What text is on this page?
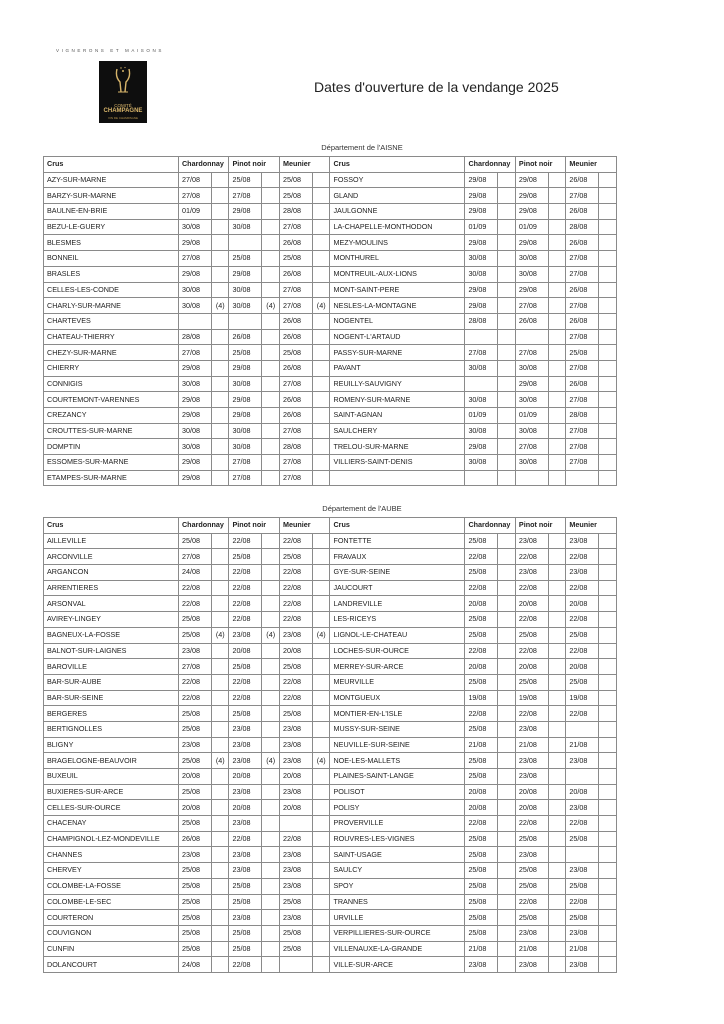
VIGNERONS ET MAISONS
COMITÉ
CHAMPAGNE
VIN DE CHAMPAGNE
Dates d'ouverture de la vendange 2025
Département de l'AISNE
Crus	Chardonnay		Pinot noir		Meunier		Crus	Chardonnay		Pinot noir		Meunier	
AZY-SUR-MARNE	27/08		25/08		25/08		FOSSOY	29/08		29/08		26/08	
BARZY-SUR-MARNE	27/08		27/08		25/08		GLAND	29/08		29/08		27/08	
BAULNE-EN-BRIE	01/09		29/08		28/08		JAULGONNE	29/08		29/08		26/08	
BEZU-LE-GUERY	30/08		30/08		27/08		LA-CHAPELLE-MONTHODON	01/09		01/09		28/08	
BLESMES	29/08				26/08		MEZY-MOULINS	29/08		29/08		26/08	
BONNEIL	27/08		25/08		25/08		MONTHUREL	30/08		30/08		27/08	
BRASLES	29/08		29/08		26/08		MONTREUIL-AUX-LIONS	30/08		30/08		27/08	
CELLES-LES-CONDE	30/08		30/08		27/08		MONT-SAINT-PERE	29/08		29/08		26/08	
CHARLY-SUR-MARNE	30/08	(4)	30/08	(4)	27/08	(4)	NESLES-LA-MONTAGNE	29/08		27/08		27/08	
CHARTEVES					26/08		NOGENTEL	28/08		26/08		26/08	
CHATEAU-THIERRY	28/08		26/08		26/08		NOGENT-L'ARTAUD					27/08	
CHEZY-SUR-MARNE	27/08		25/08		25/08		PASSY-SUR-MARNE	27/08		27/08		25/08	
CHIERRY	29/08		29/08		26/08		PAVANT	30/08		30/08		27/08	
CONNIGIS	30/08		30/08		27/08		REUILLY-SAUVIGNY			29/08		26/08	
COURTEMONT-VARENNES	29/08		29/08		26/08		ROMENY-SUR-MARNE	30/08		30/08		27/08	
CREZANCY	29/08		29/08		26/08		SAINT-AGNAN	01/09		01/09		28/08	
CROUTTES-SUR-MARNE	30/08		30/08		27/08		SAULCHERY	30/08		30/08		27/08	
DOMPTIN	30/08		30/08		28/08		TRELOU-SUR-MARNE	29/08		27/08		27/08	
ESSOMES-SUR-MARNE	29/08		27/08		27/08		VILLIERS-SAINT-DENIS	30/08		30/08		27/08	
ETAMPES-SUR-MARNE	29/08		27/08		27/08								
Département de l'AUBE
Crus	Chardonnay		Pinot noir		Meunier		Crus	Chardonnay		Pinot noir		Meunier	
AILLEVILLE	25/08		22/08		22/08		FONTETTE	25/08		23/08		23/08	
ARCONVILLE	27/08		25/08		25/08		FRAVAUX	22/08		22/08		22/08	
ARGANCON	24/08		22/08		22/08		GYE-SUR-SEINE	25/08		23/08		23/08	
ARRENTIERES	22/08		22/08		22/08		JAUCOURT	22/08		22/08		22/08	
ARSONVAL	22/08		22/08		22/08		LANDREVILLE	20/08		20/08		20/08	
AVIREY-LINGEY	25/08		22/08		22/08		LES-RICEYS	25/08		22/08		22/08	
BAGNEUX-LA-FOSSE	25/08	(4)	23/08	(4)	23/08	(4)	LIGNOL-LE-CHATEAU	25/08		25/08		25/08	
BALNOT-SUR-LAIGNES	23/08		20/08		20/08		LOCHES-SUR-OURCE	22/08		22/08		22/08	
BAROVILLE	27/08		25/08		25/08		MERREY-SUR-ARCE	20/08		20/08		20/08	
BAR-SUR-AUBE	22/08		22/08		22/08		MEURVILLE	25/08		25/08		25/08	
BAR-SUR-SEINE	22/08		22/08		22/08		MONTGUEUX	19/08		19/08		19/08	
BERGERES	25/08		25/08		25/08		MONTIER-EN-L'ISLE	22/08		22/08		22/08	
BERTIGNOLLES	25/08		23/08		23/08		MUSSY-SUR-SEINE	25/08		23/08			
BLIGNY	23/08		23/08		23/08		NEUVILLE-SUR-SEINE	21/08		21/08		21/08	
BRAGELOGNE-BEAUVOIR	25/08	(4)	23/08	(4)	23/08	(4)	NOE-LES-MALLETS	25/08		23/08		23/08	
BUXEUIL	20/08		20/08		20/08		PLAINES-SAINT-LANGE	25/08		23/08			
BUXIERES-SUR-ARCE	25/08		23/08		23/08		POLISOT	20/08		20/08		20/08	
CELLES-SUR-OURCE	20/08		20/08		20/08		POLISY	20/08		20/08		23/08	
CHACENAY	25/08		23/08				PROVERVILLE	22/08		22/08		22/08	
CHAMPIGNOL-LEZ-MONDEVILLE	26/08		22/08		22/08		ROUVRES-LES-VIGNES	25/08		25/08		25/08	
CHANNES	23/08		23/08		23/08		SAINT-USAGE	25/08		23/08			
CHERVEY	25/08		23/08		23/08		SAULCY	25/08		25/08		23/08	
COLOMBE-LA-FOSSE	25/08		25/08		23/08		SPOY	25/08		25/08		25/08	
COLOMBE-LE-SEC	25/08		25/08		25/08		TRANNES	25/08		22/08		22/08	
COURTERON	25/08		23/08		23/08		URVILLE	25/08		25/08		25/08	
COUVIGNON	25/08		25/08		25/08		VERPILLIERES-SUR-OURCE	25/08		23/08		23/08	
CUNFIN	25/08		25/08		25/08		VILLENAUXE-LA-GRANDE	21/08		21/08		21/08	
DOLANCOURT	24/08		22/08				VILLE-SUR-ARCE	23/08		23/08		23/08	
